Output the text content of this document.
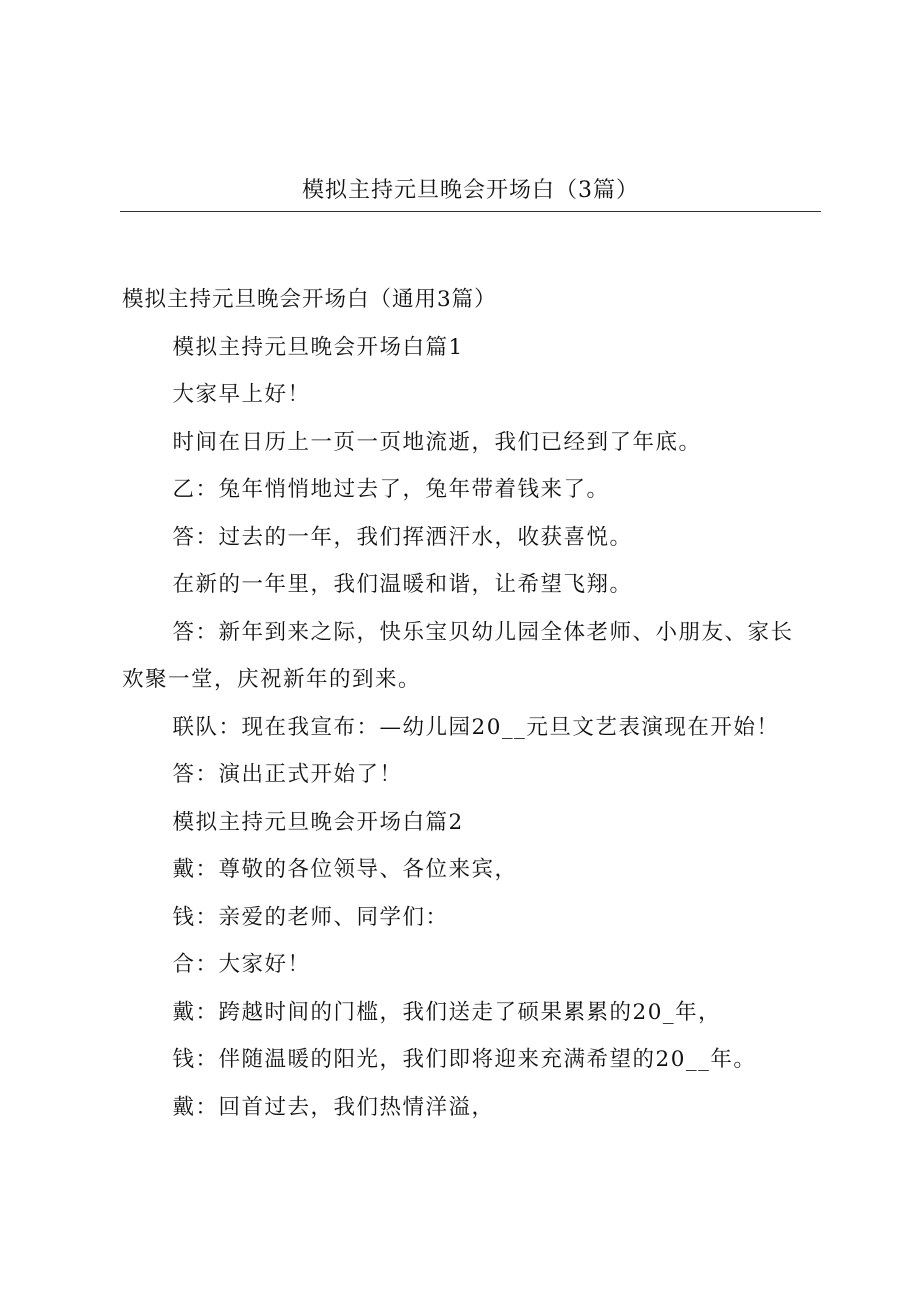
模拟主持元旦晚会开场白（3篇）

模拟主持元旦晚会开场白（通用3篇）

模拟主持元旦晚会开场白篇1

大家早上好！

时间在日历上一页一页地流逝，我们已经到了年底。

乙：兔年悄悄地过去了，兔年带着钱来了。

答：过去的一年，我们挥洒汗水，收获喜悦。

在新的一年里，我们温暖和谐，让希望飞翔。

答：新年到来之际，快乐宝贝幼儿园全体老师、小朋友、家长欢聚一堂，庆祝新年的到来。

联队：现在我宣布：—幼儿园20__元旦文艺表演现在开始！

答：演出正式开始了！

模拟主持元旦晚会开场白篇2

戴：尊敬的各位领导、各位来宾，

钱：亲爱的老师、同学们：

合：大家好！

戴：跨越时间的门槛，我们送走了硕果累累的20_年，

钱：伴随温暖的阳光，我们即将迎来充满希望的20__年。

戴：回首过去，我们热情洋溢，
